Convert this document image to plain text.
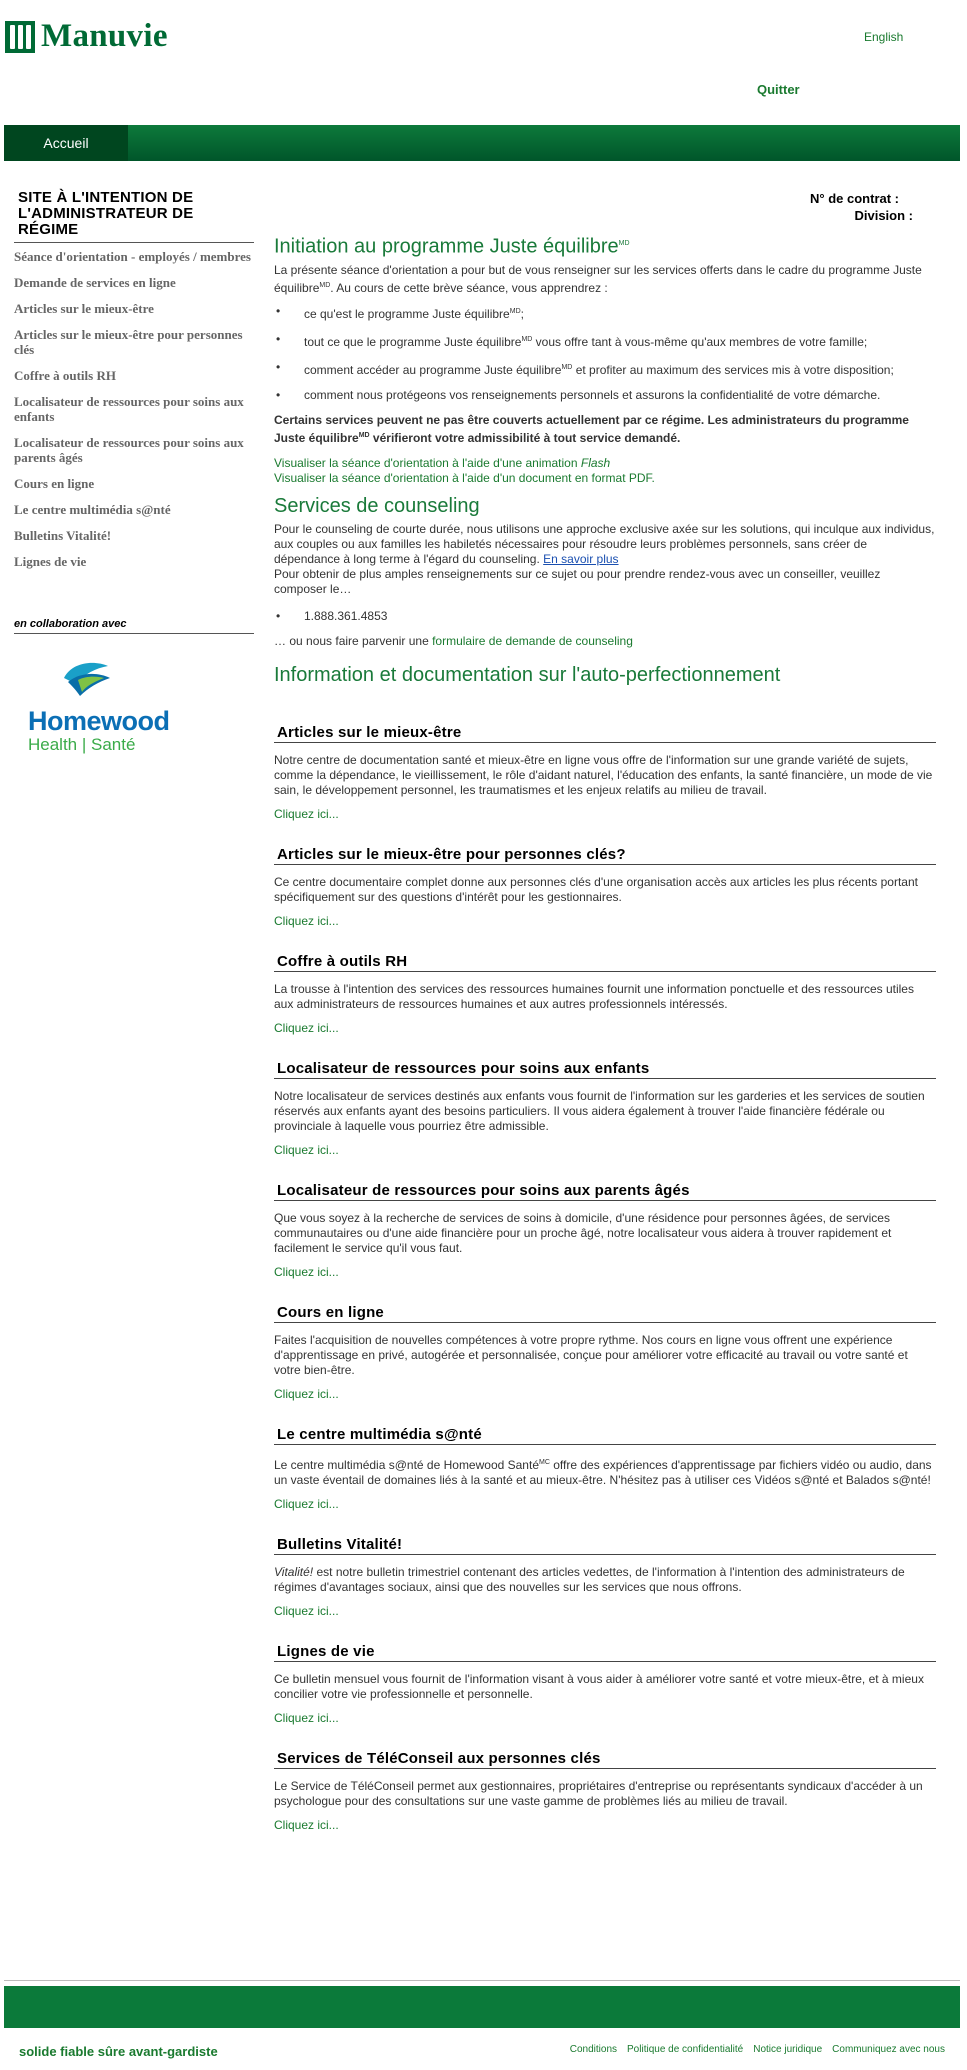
Manuvie	English
Quitter
Accueil
SITE À L'INTENTION DE L'ADMINISTRATEUR DE RÉGIME
Séance d'orientation - employés / membres
Demande de services en ligne
Articles sur le mieux-être
Articles sur le mieux-être pour personnes clés
Coffre à outils RH
Localisateur de ressources pour soins aux enfants
Localisateur de ressources pour soins aux parents âgés
Cours en ligne
Le centre multimédia s@nté
Bulletins Vitalité!
Lignes de vie
en collaboration avec
Homewood
Health | Santé
N° de contrat :
Division :
Initiation au programme Juste équilibre$^{MD}$

La présente séance d'orientation a pour but de vous renseigner sur les services offerts dans le cadre du programme Juste équilibre$^{MD}$. Au cours de cette brève séance, vous apprendrez :

• ce qu'est le programme Juste équilibre$^{MD}$;
• tout ce que le programme Juste équilibre$^{MD}$ vous offre tant à vous-même qu'aux membres de votre famille;
• comment accéder au programme Juste équilibre$^{MD}$ et profiter au maximum des services mis à votre disposition;
• comment nous protégeons vos renseignements personnels et assurons la confidentialité de votre démarche.

Certains services peuvent ne pas être couverts actuellement par ce régime. Les administrateurs du programme Juste équilibre$^{MD}$ vérifieront votre admissibilité à tout service demandé.

Visualiser la séance d'orientation à l'aide d'une animation Flash
Visualiser la séance d'orientation à l'aide d'un document en format PDF.
Services de counseling

Pour le counseling de courte durée, nous utilisons une approche exclusive axée sur les solutions, qui inculque aux individus, aux couples ou aux familles les habiletés nécessaires pour résoudre leurs problèmes personnels, sans créer de dépendance à long terme à l'égard du counseling. En savoir plus
Pour obtenir de plus amples renseignements sur ce sujet ou pour prendre rendez-vous avec un conseiller, veuillez composer le…

• 1.888.361.4853

… ou nous faire parvenir une formulaire de demande de counseling

Information et documentation sur l'auto-perfectionnement
Articles sur le mieux-être

Notre centre de documentation santé et mieux-être en ligne vous offre de l'information sur une grande variété de sujets, comme la dépendance, le vieillissement, le rôle d'aidant naturel, l'éducation des enfants, la santé financière, un mode de vie sain, le développement personnel, les traumatismes et les enjeux relatifs au milieu de travail.

Cliquez ici...
Articles sur le mieux-être pour personnes clés?

Ce centre documentaire complet donne aux personnes clés d'une organisation accès aux articles les plus récents portant spécifiquement sur des questions d'intérêt pour les gestionnaires.

Cliquez ici...
Coffre à outils RH

La trousse à l'intention des services des ressources humaines fournit une information ponctuelle et des ressources utiles aux administrateurs de ressources humaines et aux autres professionnels intéressés.

Cliquez ici...
Localisateur de ressources pour soins aux enfants

Notre localisateur de services destinés aux enfants vous fournit de l'information sur les garderies et les services de soutien réservés aux enfants ayant des besoins particuliers. Il vous aidera également à trouver l'aide financière fédérale ou provinciale à laquelle vous pourriez être admissible.

Cliquez ici...
Localisateur de ressources pour soins aux parents âgés

Que vous soyez à la recherche de services de soins à domicile, d'une résidence pour personnes âgées, de services communautaires ou d'une aide financière pour un proche âgé, notre localisateur vous aidera à trouver rapidement et facilement le service qu'il vous faut.

Cliquez ici...
Cours en ligne

Faites l'acquisition de nouvelles compétences à votre propre rythme. Nos cours en ligne vous offrent une expérience d'apprentissage en privé, autogérée et personnalisée, conçue pour améliorer votre efficacité au travail ou votre santé et votre bien-être.

Cliquez ici...
Le centre multimédia s@nté

Le centre multimédia s@nté de Homewood Santé$^{MC}$ offre des expériences d'apprentissage par fichiers vidéo ou audio, dans un vaste éventail de domaines liés à la santé et au mieux-être. N'hésitez pas à utiliser ces Vidéos s@nté et Balados s@nté!

Cliquez ici...
Bulletins Vitalité!

Vitalité! est notre bulletin trimestriel contenant des articles vedettes, de l'information à l'intention des administrateurs de régimes d'avantages sociaux, ainsi que des nouvelles sur les services que nous offrons.

Cliquez ici...
Lignes de vie

Ce bulletin mensuel vous fournit de l'information visant à vous aider à améliorer votre santé et votre mieux-être, et à mieux concilier votre vie professionnelle et personnelle.

Cliquez ici...
Services de TéléConseil aux personnes clés

Le Service de TéléConseil permet aux gestionnaires, propriétaires d'entreprise ou représentants syndicaux d'accéder à un psychologue pour des consultations sur une vaste gamme de problèmes liés au milieu de travail.

Cliquez ici...
solide fiable sûre avant-gardiste	Conditions Politique de confidentialité Notice juridique Communiquez avec nous
